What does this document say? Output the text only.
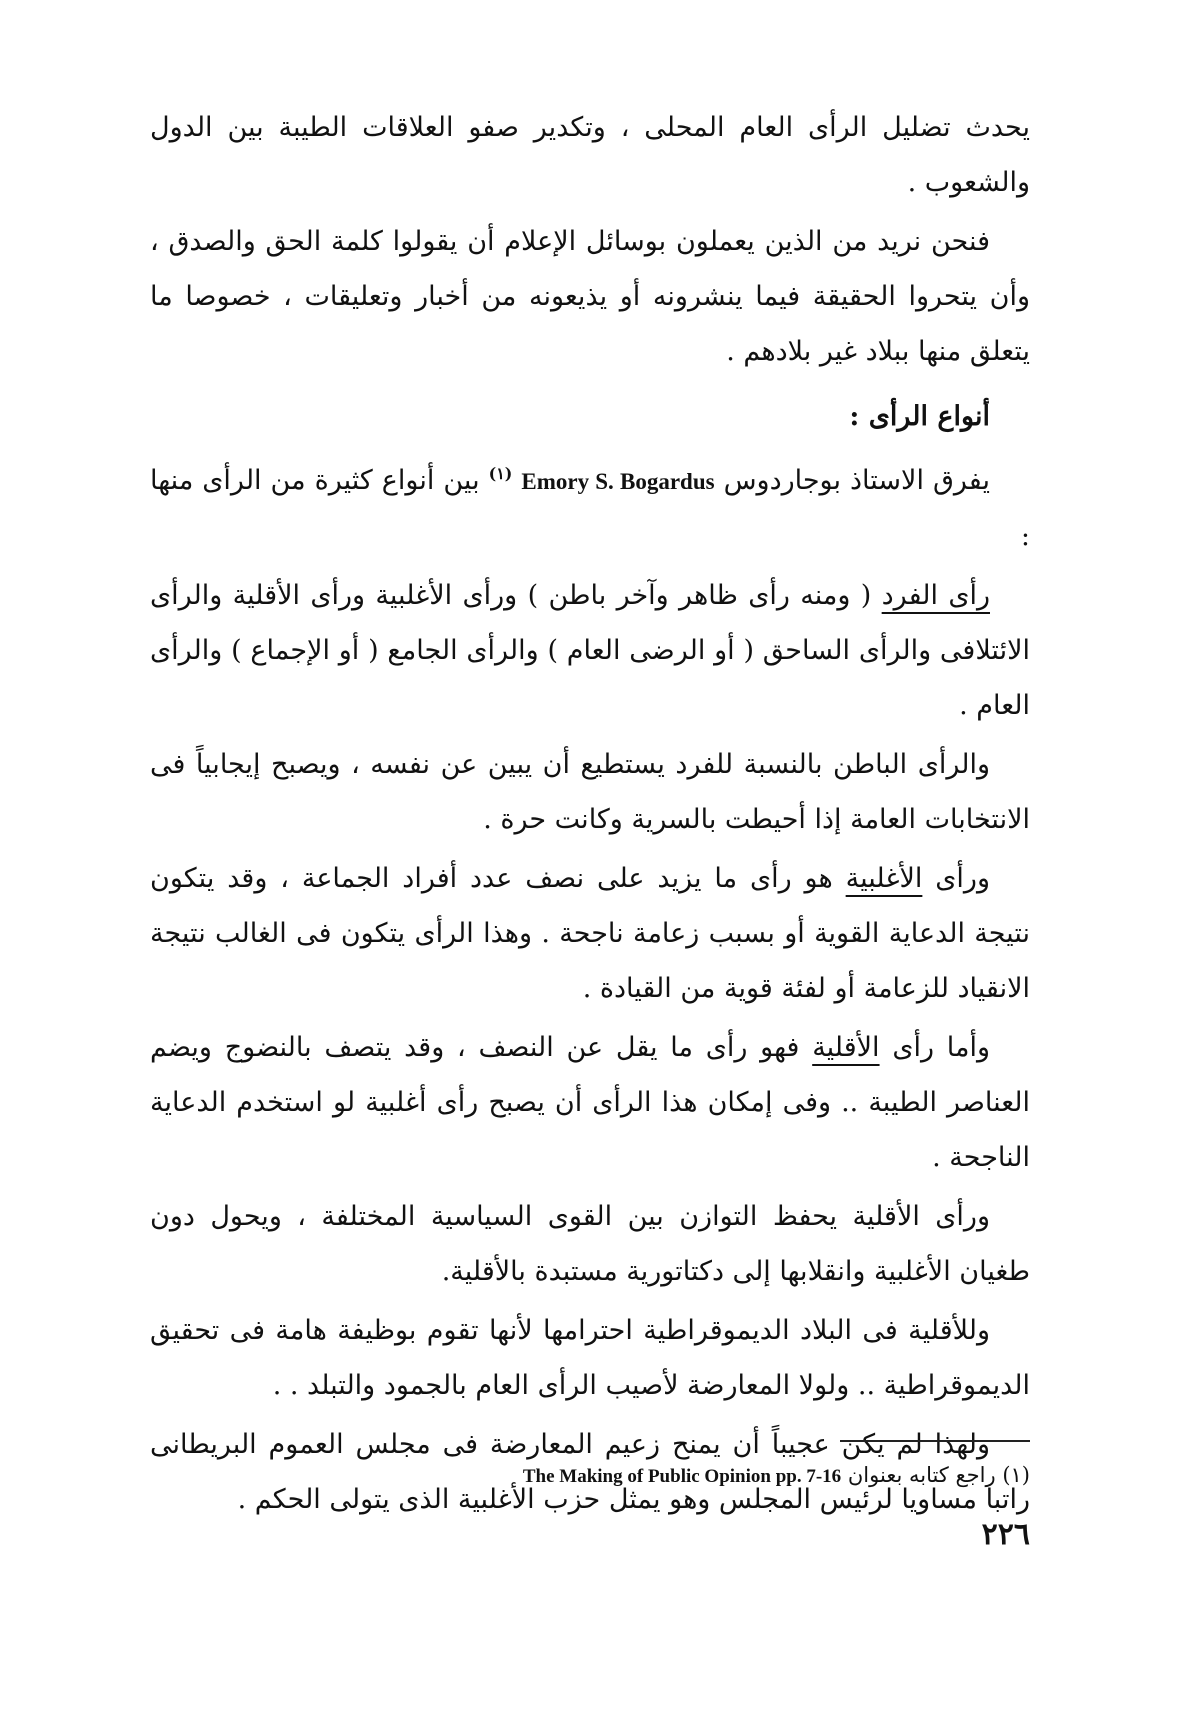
يحدث تضليل الرأى العام المحلى ، وتكدير صفو العلاقات الطيبة بين الدول والشعوب .

فنحن نريد من الذين يعملون بوسائل الإعلام أن يقولوا كلمة الحق والصدق ، وأن يتحروا الحقيقة فيما ينشرونه أو يذيعونه من أخبار وتعليقات ، خصوصا ما يتعلق منها ببلاد غير بلادهم .

أنواع الرأى :

يفرق الاستاذ بوجاردوس Emory S. Bogardus $^{(١)}$ بين أنواع كثيرة من الرأى منها :

رأى الفرد ( ومنه رأى ظاهر وآخر باطن ) ورأى الأغلبية ورأى الأقلية والرأى الائتلافى والرأى الساحق ( أو الرضى العام ) والرأى الجامع ( أو الإجماع ) والرأى العام .

والرأى الباطن بالنسبة للفرد يستطيع أن يبين عن نفسه ، ويصبح إيجابياً فى الانتخابات العامة إذا أحيطت بالسرية وكانت حرة .

ورأى الأغلبية هو رأى ما يزيد على نصف عدد أفراد الجماعة ، وقد يتكون نتيجة الدعاية القوية أو بسبب زعامة ناجحة . وهذا الرأى يتكون فى الغالب نتيجة الانقياد للزعامة أو لفئة قوية من القيادة .

وأما رأى الأقلية فهو رأى ما يقل عن النصف ، وقد يتصف بالنضوج ويضم العناصر الطيبة .. وفى إمكان هذا الرأى أن يصبح رأى أغلبية لو استخدم الدعاية الناجحة .

ورأى الأقلية يحفظ التوازن بين القوى السياسية المختلفة ، ويحول دون طغيان الأغلبية وانقلابها إلى دكتاتورية مستبدة بالأقلية.

وللأقلية فى البلاد الديموقراطية احترامها لأنها تقوم بوظيفة هامة فى تحقيق الديموقراطية .. ولولا المعارضة لأصيب الرأى العام بالجمود والتبلد . .

ولهذا لم يكن عجيباً أن يمنح زعيم المعارضة فى مجلس العموم البريطانى راتبا مساويا لرئيس المجلس وهو يمثل حزب الأغلبية الذى يتولى الحكم .

(١) راجع كتابه بعنوان The Making of Public Opinion pp. 7-16
٢٢٦
